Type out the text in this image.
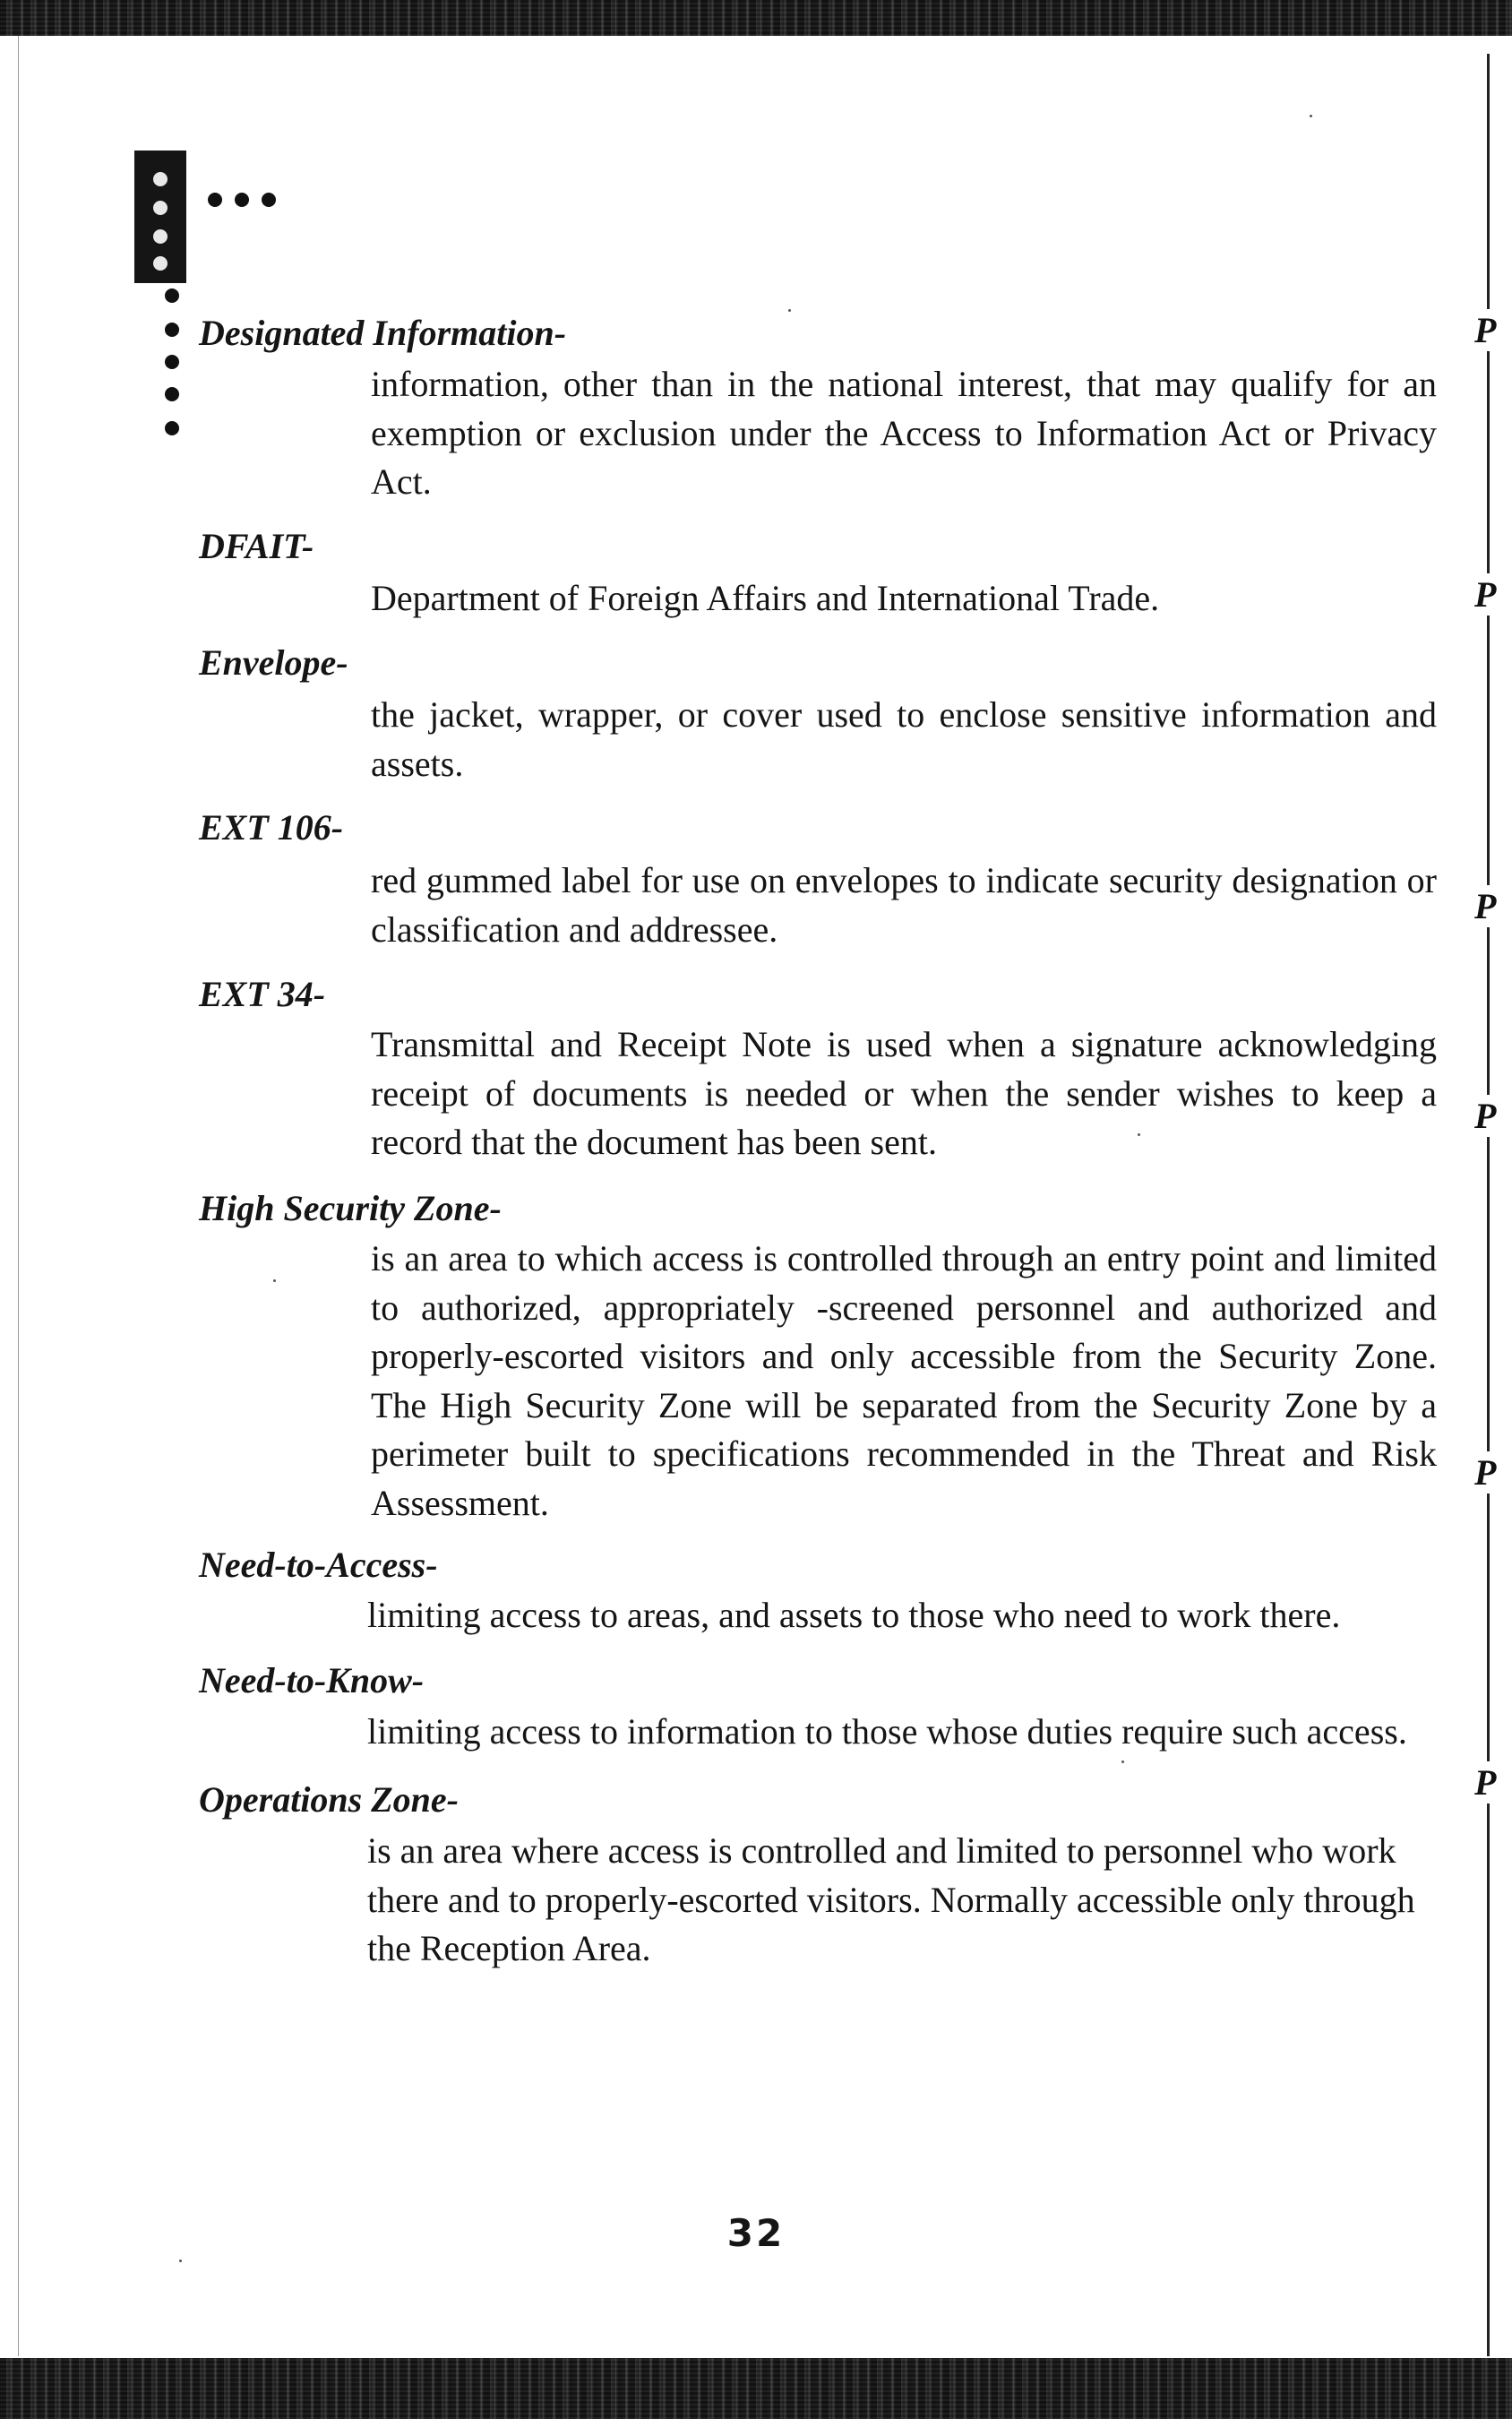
P
P
P
P
P
P
Designated Information-
information, other than in the national interest, that may qualify for an exemption or exclusion under the Access to Information Act or Privacy Act.
DFAIT-
Department of Foreign Affairs and International Trade.
Envelope-
the jacket, wrapper, or cover used to enclose sensitive information and assets.
EXT 106-
red gummed label for use on envelopes to indicate security designation or classification and addressee.
EXT 34-
Transmittal and Receipt Note is used when a signature acknowledging receipt of documents is needed or when the sender wishes to keep a record that the document has been sent.
High Security Zone-
is an area to which access is controlled through an entry point and limited to authorized, appropriately -screened personnel and authorized and properly-escorted visitors and only accessible from the Security Zone. The High Security Zone will be separated from the Security Zone by a perimeter built to specifications recommended in the Threat and Risk Assessment.
Need-to-Access-
limiting access to areas, and assets to those who need to work there.
Need-to-Know-
limiting access to information to those whose duties require such access.
Operations Zone-
is an area where access is controlled and limited to personnel who work there and to properly-escorted visitors. Normally accessible only through the Reception Area.
32
